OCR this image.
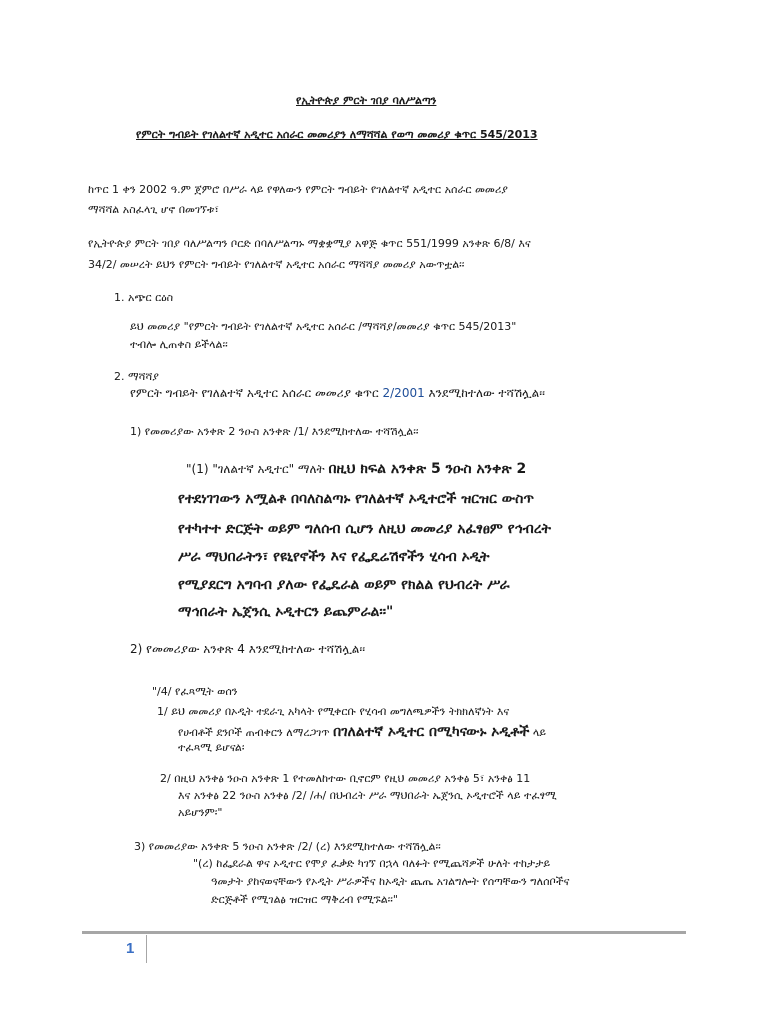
የኢትዮጵያ ምርት ገበያ ባለሥልጣን
የምርት ግብይት የገለልተኛ አዲተር አሰራር መመሪያን ለማሻሻል የወጣ መመሪያ ቁጥር 545/2013
ከጥር 1 ቀን 2002 ዓ.ም ጀምሮ በሥራ ላይ የዋለውን የምርት ግብይት የገለልተኛ አዲተር አሰራር መመሪያ
ማሻሻል አስፈላጊ ሆኖ በመገኘቱ፣
የኢትዮጵያ ምርት ገበያ ባለሥልጣን ቦርድ በባለሥልጣኑ ማቋቋሚያ አዋጅ ቁጥር 551/1999 አንቀጽ 6/8/ እና
34/2/ መሠረት ይህን የምርት ግብይት የገለልተኛ አዲተር አሰራር ማሻሻያ መመሪያ አውጥቷል፡፡
1. አጭር ርዕስ
ይህ መመሪያ "የምርት ግብይት የገለልተኛ አዲተር አሰራር /ማሻሻያ/መመሪያ ቁጥር 545/2013"
ተብሎ ሊጠቀስ ይችላል፡፡
2. ማሻሻያ
የምርት ግብይት የገለልተኛ አዲተር አሰራር መመሪያ ቁጥር 2/2001 እንደሚከተለው ተሻሽሏል፡፡
1) የመመሪያው አንቀጽ 2 ንዑስ አንቀጽ /1/ እንደሚከተለው ተሻሽሏል፡፡
"(1) "ገለልተኛ አዲተር" ማለት በዚህ ክፍል አንቀጽ 5 ንዑስ አንቀጽ 2
የተደነገገውን አሟልቶ በባለስልጣኑ የገለልተኛ ኦዲተሮች ዝርዝር ውስጥ
የተካተተ ድርጅት ወይም ግለሰብ ሲሆን ለዚህ መመሪያ አፈፃፀም የኅብረት
ሥራ ማህበራትን፣ የዩኒየኖችን እና የፌዴሬሽኖችን ሂሳብ ኦዲት
የሚያደርግ አግባብ ያለው የፌዴራል ወይም የክልል የህብረት ሥራ
ማኅበራት ኤጀንሲ ኦዲተርን ይጨምራል፡፡"
2) የመመሪያው አንቀጽ 4 እንደሚከተለው ተሻሽሏል፡፡
"/4/ የፈጻሚት ወሰን
1/ ይህ መመሪያ በኦዲት ተደራጊ አካላት የሚቀርቡ የሂሳብ መግለጫዎችን ትክክለኛነት እና
የሀብቶች ደንቦች ጠብቀርን ለማረጋገጥ በገለልተኛ ኦዲተር በሚካናውኑ ኦዲቶች ላይ
ተፈጻሚ ይሆናል፡
2/ በዚህ አንቀፅ ንዑስ አንቀጽ 1 የተመለከተው ቢኖርም የዚህ መመሪያ አንቀፅ 5፣ አንቀፅ 11
እና አንቀፅ 22 ንዑስ አንቀፅ /2/ /ሐ/ በህብረት ሥራ ማህበራት ኤጀንሲ ኦዲተሮች ላይ ተፈፃሚ
አይሆንም፡"
3) የመመሪያው አንቀጽ 5 ንዑስ አንቀጽ /2/ (ረ) እንደሚከተለው ተሻሽሏል፡፡
"(ረ) ከፌደራል ዋና ኦዲተር የሞያ ፈቃድ ካገኘ በኋላ ባለፉት የሚጨሻዎች ሁለት ተከታታይ
ዓመታት ያከናወናቸውን የኦዲት ሥራዎችና ከኦዲት ጨጤ አገልግሎት የሰጣቸውን ግለሰቦችና
ድርጅቶች የሚገልፅ ዝርዝር ማቅረብ የሚኙል፡፡"
1
